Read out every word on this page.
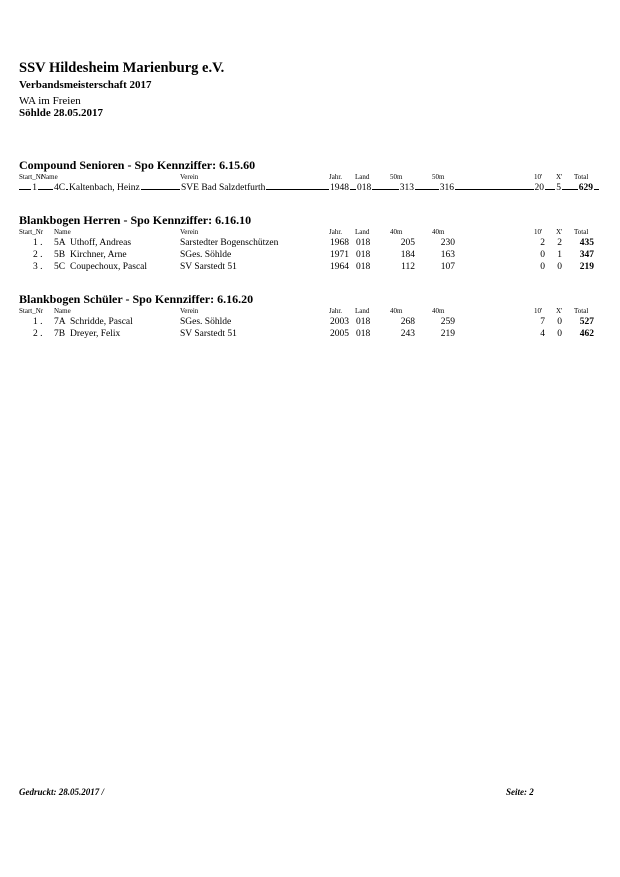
SSV Hildesheim Marienburg e.V.
Verbandsmeisterschaft 2017
WA im Freien
Söhlde 28.05.2017
Compound Senioren - Spo Kennziffer: 6.15.60
Start_Nr
Name	Verein	Jahr. Land	50m	50m	10' X' Total
1 4C Kaltenbach, Heinz	SVE Bad Salzdetfurth	1948 018	313	316	20 5 629
Blankbogen Herren - Spo Kennziffer: 6.16.10
Start_Nr Name	Verein	Jahr. Land	40m	40m	10' X' Total
1 . 5A Uthoff, Andreas	Sarstedter Bogenschützen	1968 018	205	230	2 2 435
2 . 5B Kirchner, Arne	SGes. Söhlde	1971 018	184	163	0 1 347
3 . 5C Coupechoux, Pascal	SV Sarstedt 51	1964 018	112	107	0 0 219
Blankbogen Schüler - Spo Kennziffer: 6.16.20
Start_Nr Name	Verein	Jahr. Land	40m	40m	10' X' Total
1 . 7A Schridde, Pascal	SGes. Söhlde	2003 018	268	259	7 0 527
2 . 7B Dreyer, Felix	SV Sarstedt 51	2005 018	243	219	4 0 462
Gedruckt: 28.05.2017 /	Seite: 2
